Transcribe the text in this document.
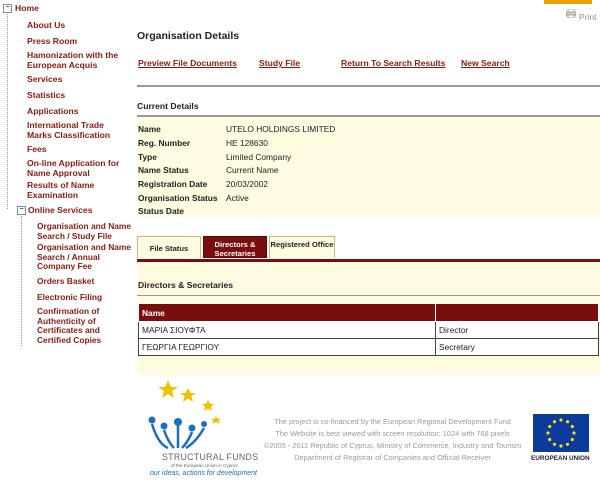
Print
− Home
About Us
Press Room
Hamonization with the European Acquis
Services
Statistics
Applications
International Trade Marks Classification
Fees
On-line Application for Name Approval
Results of Name Examination
− Online Services
Organisation and Name Search / Study File
Organisation and Name Search / Annual Company Fee
Orders Basket
Electronic Filing
Confirmation of Authenticity of Certificates and Certified Copies
Organisation Details
Preview File Documents	Study File	Return To Search Results New Search
Current Details
Name	UTELO HOLDINGS LIMITED
Reg. Number	HE 128630
Type	Limited Company
Name Status	Current Name
Registration Date 20/03/2002
Organisation Status Active
Status Date
File Status	Directors & Secretaries
Registered Office
Directors & Secretaries
Name	
ΜΑΡΙΑ ΣΙΟΥΦΤΑ	Director
ΓΕΩΡΓΙΑ ΓΕΩΡΓΙΟΥ	Secretary
STRUCTURAL FUNDS
of the European Union in Cyprus
our ideas, actions for development
The project is co-financed by the European Regional Development Fund
The Website is best viewed with screen resolution: 1024 with 768 pixels
©2005 - 2011 Republic of Cyprus, Ministry of Commerce, Industry and Tourism
Department of Registrar of Companies and Official Receiver	EUROPEAN UNION
